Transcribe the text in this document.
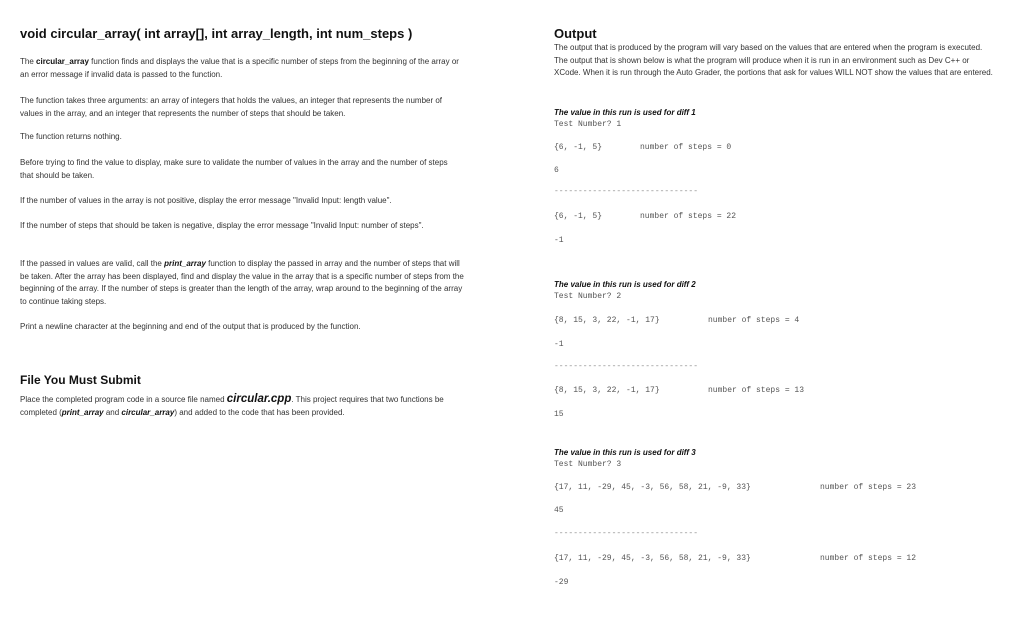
void circular_array( int array[], int array_length, int num_steps )

The circular_array function finds and displays the value that is a specific number of steps from the beginning of the array or an error message if invalid data is passed to the function.

The function takes three arguments: an array of integers that holds the values, an integer that represents the number of values in the array, and an integer that represents the number of steps that should be taken.

The function returns nothing.

Before trying to find the value to display, make sure to validate the number of values in the array and the number of steps that should be taken.

If the number of values in the array is not positive, display the error message "Invalid Input: length value".

If the number of steps that should be taken is negative, display the error message "Invalid Input: number of steps".

If the passed in values are valid, call the print_array function to display the passed in array and the number of steps that will be taken. After the array has been displayed, find and display the value in the array that is a specific number of steps from the beginning of the array. If the number of steps is greater than the length of the array, wrap around to the beginning of the array to continue taking steps.

Print a newline character at the beginning and end of the output that is produced by the function.

File You Must Submit

Place the completed program code in a source file named circular.cpp. This project requires that two functions be completed (print_array and circular_array) and added to the code that has been provided.

Output

The output that is produced by the program will vary based on the values that are entered when the program is executed. The output that is shown below is what the program will produce when it is run in an environment such as Dev C++ or XCode. When it is run through the Auto Grader, the portions that ask for values WILL NOT show the values that are entered.

The value in this run is used for diff 1
Test Number? 1
{6, -1, 5}	number of steps = 0
6
------------------------------
{6, -1, 5}	number of steps = 22
-1
The value in this run is used for diff 2
Test Number? 2
{8, 15, 3, 22, -1, 17}	number of steps = 4
-1
------------------------------
{8, 15, 3, 22, -1, 17}	number of steps = 13
15
The value in this run is used for diff 3
Test Number? 3
{17, 11, -29, 45, -3, 56, 58, 21, -9, 33}	number of steps = 23
45
------------------------------
{17, 11, -29, 45, -3, 56, 58, 21, -9, 33}	number of steps = 12
-29
